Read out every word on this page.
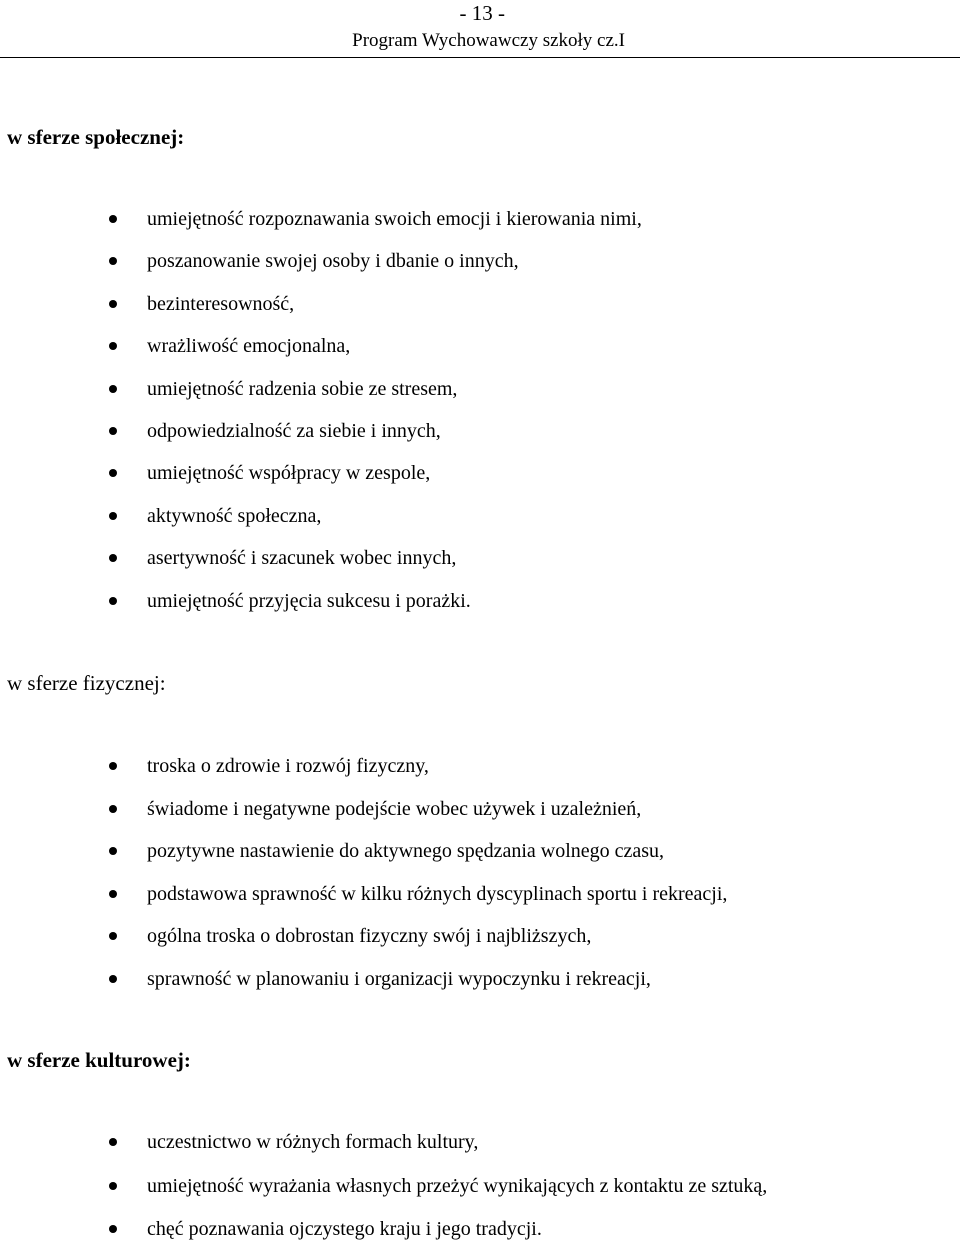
- 13 -
Program Wychowawczy szkoły cz.I
w sferze społecznej:
umiejętność rozpoznawania swoich emocji i kierowania nimi,
poszanowanie swojej osoby i dbanie o innych,
bezinteresowność,
wrażliwość emocjonalna,
umiejętność radzenia sobie ze stresem,
odpowiedzialność za siebie i innych,
umiejętność współpracy w zespole,
aktywność społeczna,
asertywność i szacunek wobec innych,
umiejętność przyjęcia sukcesu i porażki.
w sferze fizycznej:
troska o zdrowie i rozwój fizyczny,
świadome i negatywne podejście wobec używek i uzależnień,
pozytywne nastawienie do aktywnego spędzania wolnego czasu,
podstawowa sprawność w kilku różnych dyscyplinach sportu i rekreacji,
ogólna troska o dobrostan fizyczny swój i najbliższych,
sprawność w planowaniu i organizacji wypoczynku i rekreacji,
w sferze kulturowej:
uczestnictwo w różnych formach kultury,
umiejętność wyrażania własnych przeżyć wynikających z kontaktu ze sztuką,
chęć poznawania ojczystego kraju i jego tradycji.
